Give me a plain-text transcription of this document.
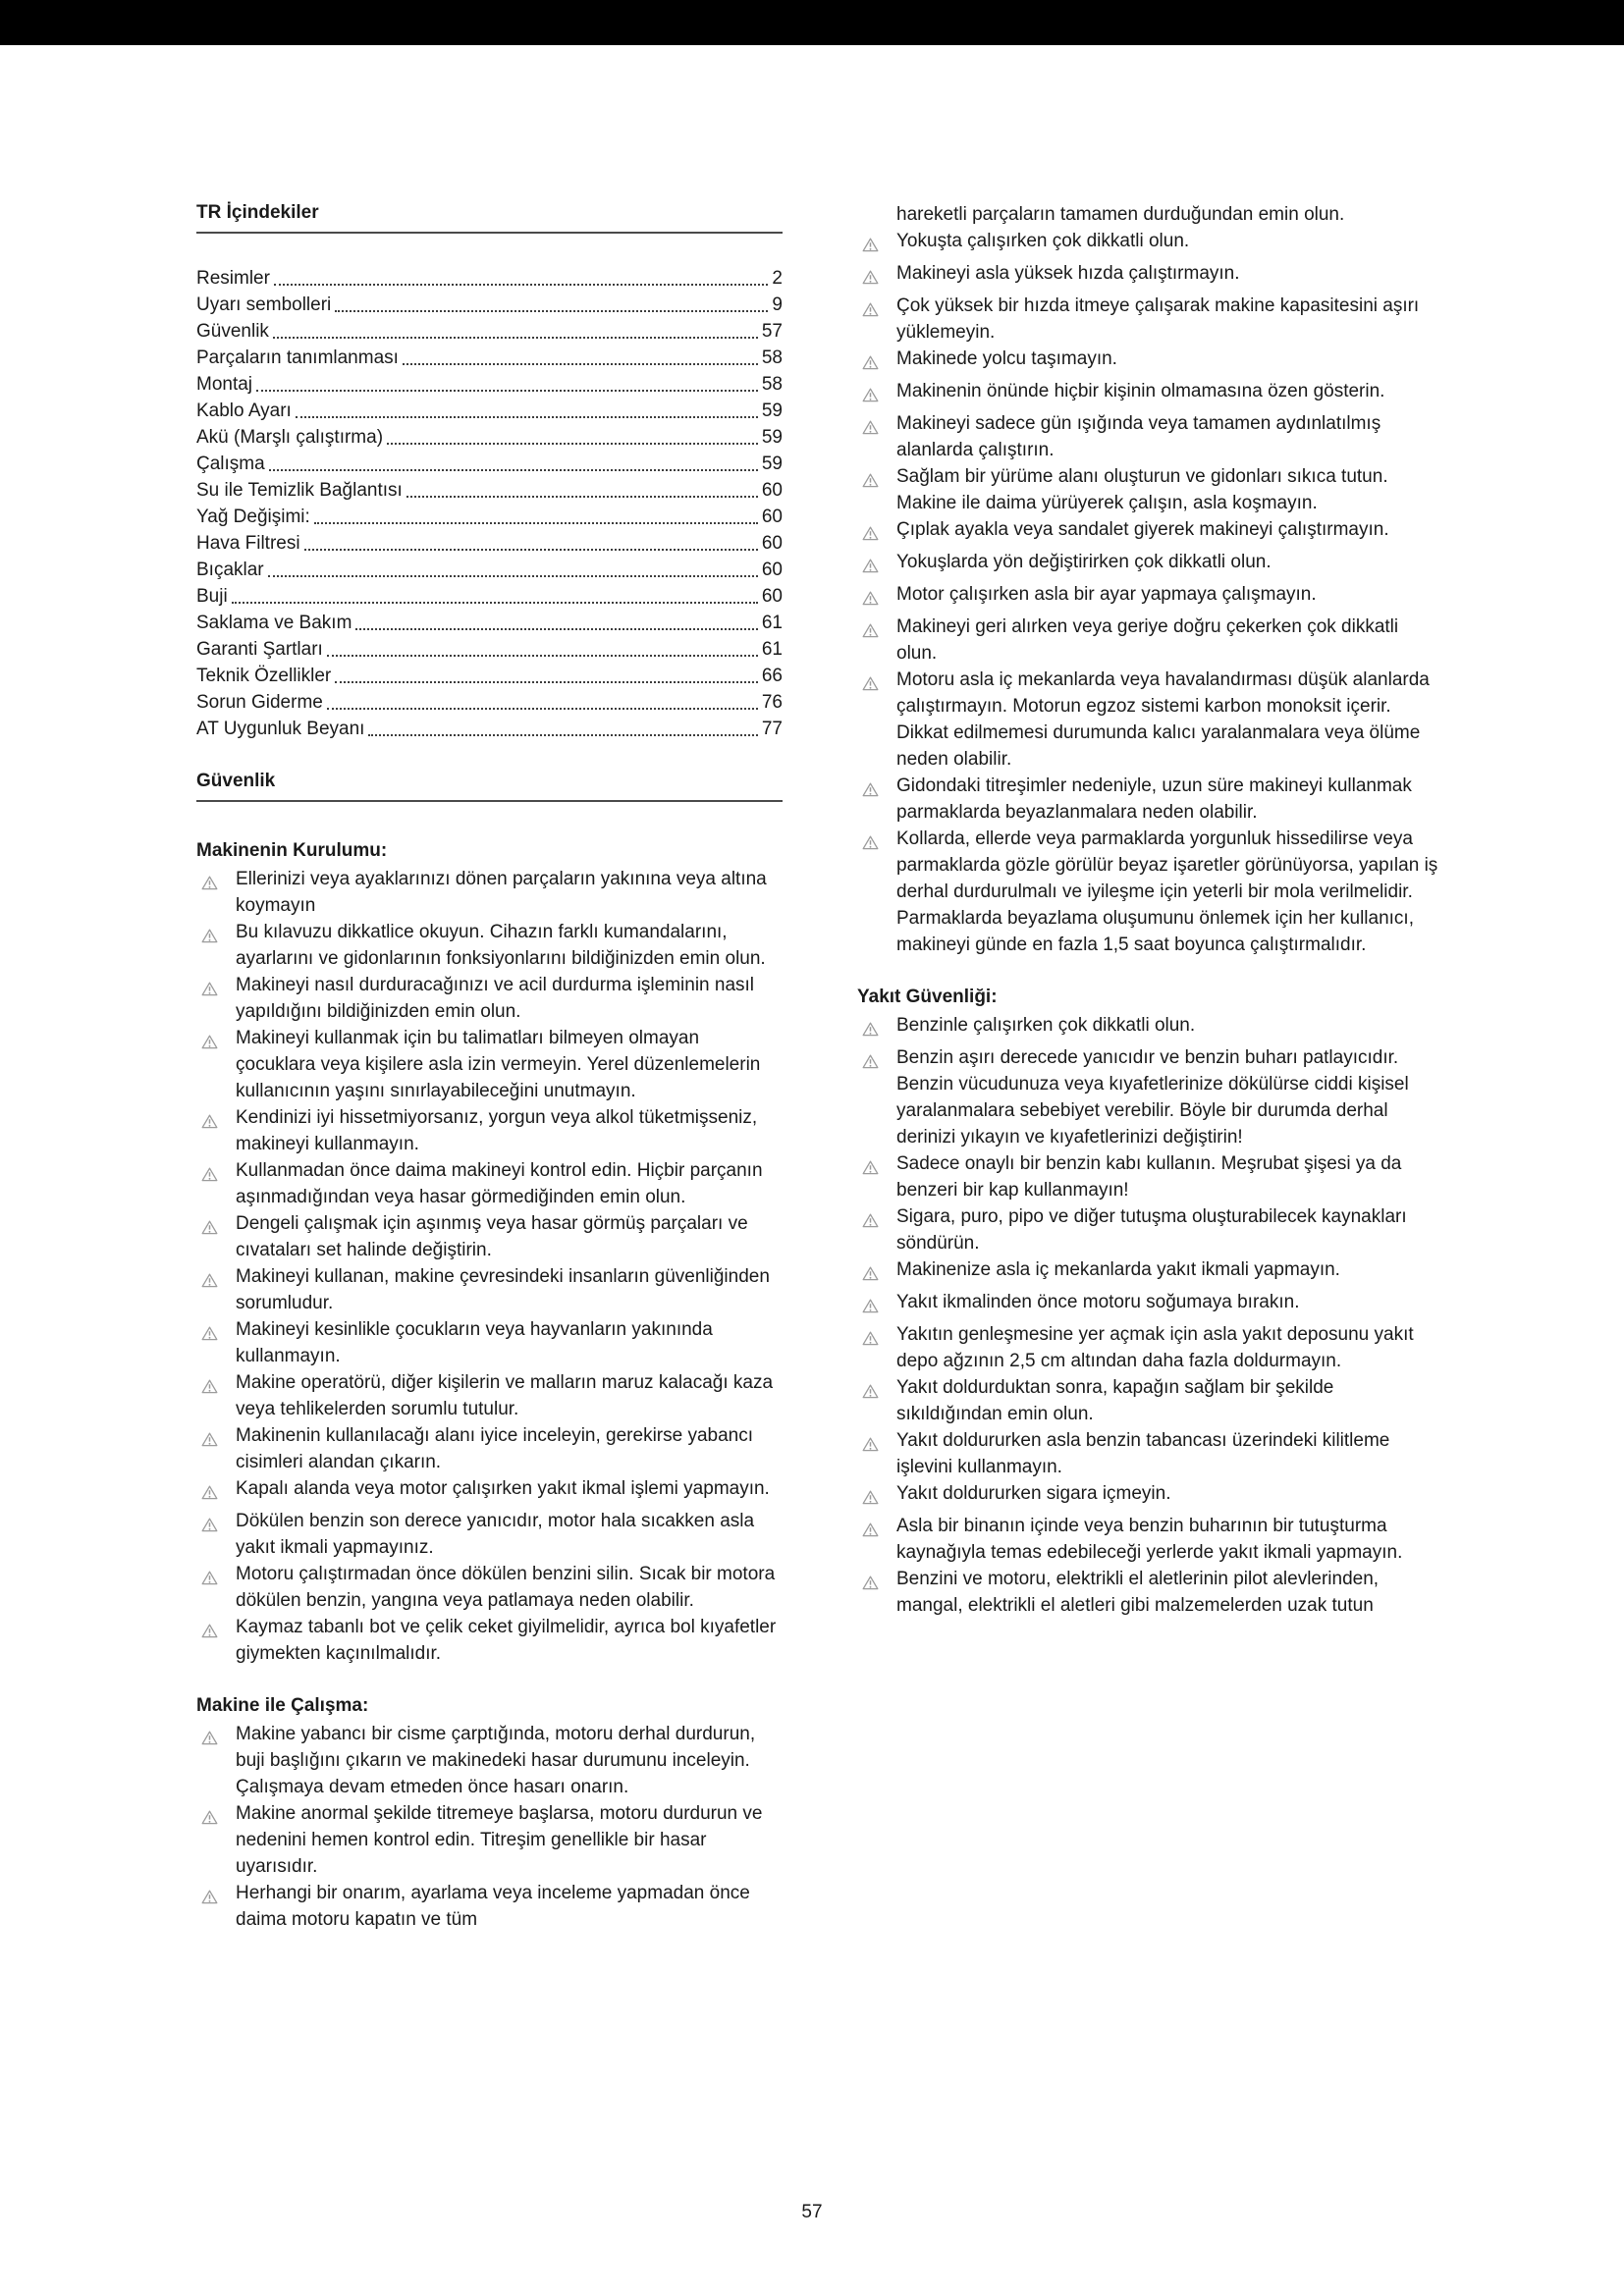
TR İçindekiler
Resimler	2
Uyarı sembolleri	9
Güvenlik	57
Parçaların tanımlanması	58
Montaj	58
Kablo Ayarı	59
Akü (Marşlı çalıştırma)	59
Çalışma	59
Su ile Temizlik Bağlantısı	60
Yağ Değişimi:	60
Hava Filtresi	60
Bıçaklar	60
Buji	60
Saklama ve Bakım	61
Garanti Şartları	61
Teknik Özellikler	66
Sorun Giderme	76
AT Uygunluk Beyanı	77
Güvenlik
Makinenin Kurulumu:
Ellerinizi veya ayaklarınızı dönen parçaların yakınına veya altına koymayın
Bu kılavuzu dikkatlice okuyun. Cihazın farklı kumandalarını, ayarlarını ve gidonlarının fonksiyonlarını bildiğinizden emin olun.
Makineyi nasıl durduracağınızı ve acil durdurma işleminin nasıl yapıldığını bildiğinizden emin olun.
Makineyi kullanmak için bu talimatları bilmeyen olmayan çocuklara veya kişilere asla izin vermeyin. Yerel düzenlemelerin kullanıcının yaşını sınırlayabileceğini unutmayın.
Kendinizi iyi hissetmiyorsanız, yorgun veya alkol tüketmişseniz, makineyi kullanmayın.
Kullanmadan önce daima makineyi kontrol edin. Hiçbir parçanın aşınmadığından veya hasar görmediğinden emin olun.
Dengeli çalışmak için aşınmış veya hasar görmüş parçaları ve cıvataları set halinde değiştirin.
Makineyi kullanan, makine çevresindeki insanların güvenliğinden sorumludur.
Makineyi kesinlikle çocukların veya hayvanların yakınında kullanmayın.
Makine operatörü, diğer kişilerin ve malların maruz kalacağı kaza veya tehlikelerden sorumlu tutulur.
Makinenin kullanılacağı alanı iyice inceleyin, gerekirse yabancı cisimleri alandan çıkarın.
Kapalı alanda veya motor çalışırken yakıt ikmal işlemi yapmayın.
Dökülen benzin son derece yanıcıdır, motor hala sıcakken asla yakıt ikmali yapmayınız.
Motoru çalıştırmadan önce dökülen benzini silin. Sıcak bir motora dökülen benzin, yangına veya patlamaya neden olabilir.
Kaymaz tabanlı bot ve çelik ceket giyilmelidir, ayrıca bol kıyafetler giymekten kaçınılmalıdır.
Makine ile Çalışma:
Makine yabancı bir cisme çarptığında, motoru derhal durdurun, buji başlığını çıkarın ve makinedeki hasar durumunu inceleyin. Çalışmaya devam etmeden önce hasarı onarın.
Makine anormal şekilde titremeye başlarsa, motoru durdurun ve nedenini hemen kontrol edin. Titreşim genellikle bir hasar uyarısıdır.
Herhangi bir onarım, ayarlama veya inceleme yapmadan önce daima motoru kapatın ve tüm

hareketli parçaların tamamen durduğundan emin olun.

Yokuşta çalışırken çok dikkatli olun.
Makineyi asla yüksek hızda çalıştırmayın.
Çok yüksek bir hızda itmeye çalışarak makine kapasitesini aşırı yüklemeyin.
Makinede yolcu taşımayın.
Makinenin önünde hiçbir kişinin olmamasına özen gösterin.
Makineyi sadece gün ışığında veya tamamen aydınlatılmış alanlarda çalıştırın.
Sağlam bir yürüme alanı oluşturun ve gidonları sıkıca tutun. Makine ile daima yürüyerek çalışın, asla koşmayın.
Çıplak ayakla veya sandalet giyerek makineyi çalıştırmayın.
Yokuşlarda yön değiştirirken çok dikkatli olun.
Motor çalışırken asla bir ayar yapmaya çalışmayın.
Makineyi geri alırken veya geriye doğru çekerken çok dikkatli olun.
Motoru asla iç mekanlarda veya havalandırması düşük alanlarda çalıştırmayın. Motorun egzoz sistemi karbon monoksit içerir. Dikkat edilmemesi durumunda kalıcı yaralanmalara veya ölüme neden olabilir.
Gidondaki titreşimler nedeniyle, uzun süre makineyi kullanmak parmaklarda beyazlanmalara neden olabilir.
Kollarda, ellerde veya parmaklarda yorgunluk hissedilirse veya parmaklarda gözle görülür beyaz işaretler görünüyorsa, yapılan iş derhal durdurulmalı ve iyileşme için yeterli bir mola verilmelidir. Parmaklarda beyazlama oluşumunu önlemek için her kullanıcı, makineyi günde en fazla 1,5 saat boyunca çalıştırmalıdır.
Yakıt Güvenliği:
Benzinle çalışırken çok dikkatli olun.
Benzin aşırı derecede yanıcıdır ve benzin buharı patlayıcıdır. Benzin vücudunuza veya kıyafetlerinize dökülürse ciddi kişisel yaralanmalara sebebiyet verebilir. Böyle bir durumda derhal derinizi yıkayın ve kıyafetlerinizi değiştirin!
Sadece onaylı bir benzin kabı kullanın. Meşrubat şişesi ya da benzeri bir kap kullanmayın!
Sigara, puro, pipo ve diğer tutuşma oluşturabilecek kaynakları söndürün.
Makinenize asla iç mekanlarda yakıt ikmali yapmayın.
Yakıt ikmalinden önce motoru soğumaya bırakın.
Yakıtın genleşmesine yer açmak için asla yakıt deposunu yakıt depo ağzının 2,5 cm altından daha fazla doldurmayın.
Yakıt doldurduktan sonra, kapağın sağlam bir şekilde sıkıldığından emin olun.
Yakıt doldururken asla benzin tabancası üzerindeki kilitleme işlevini kullanmayın.
Yakıt doldururken sigara içmeyin.
Asla bir binanın içinde veya benzin buharının bir tutuşturma kaynağıyla temas edebileceği yerlerde yakıt ikmali yapmayın.
Benzini ve motoru, elektrikli el aletlerinin pilot alevlerinden, mangal, elektrikli el aletleri gibi malzemelerden uzak tutun
57
